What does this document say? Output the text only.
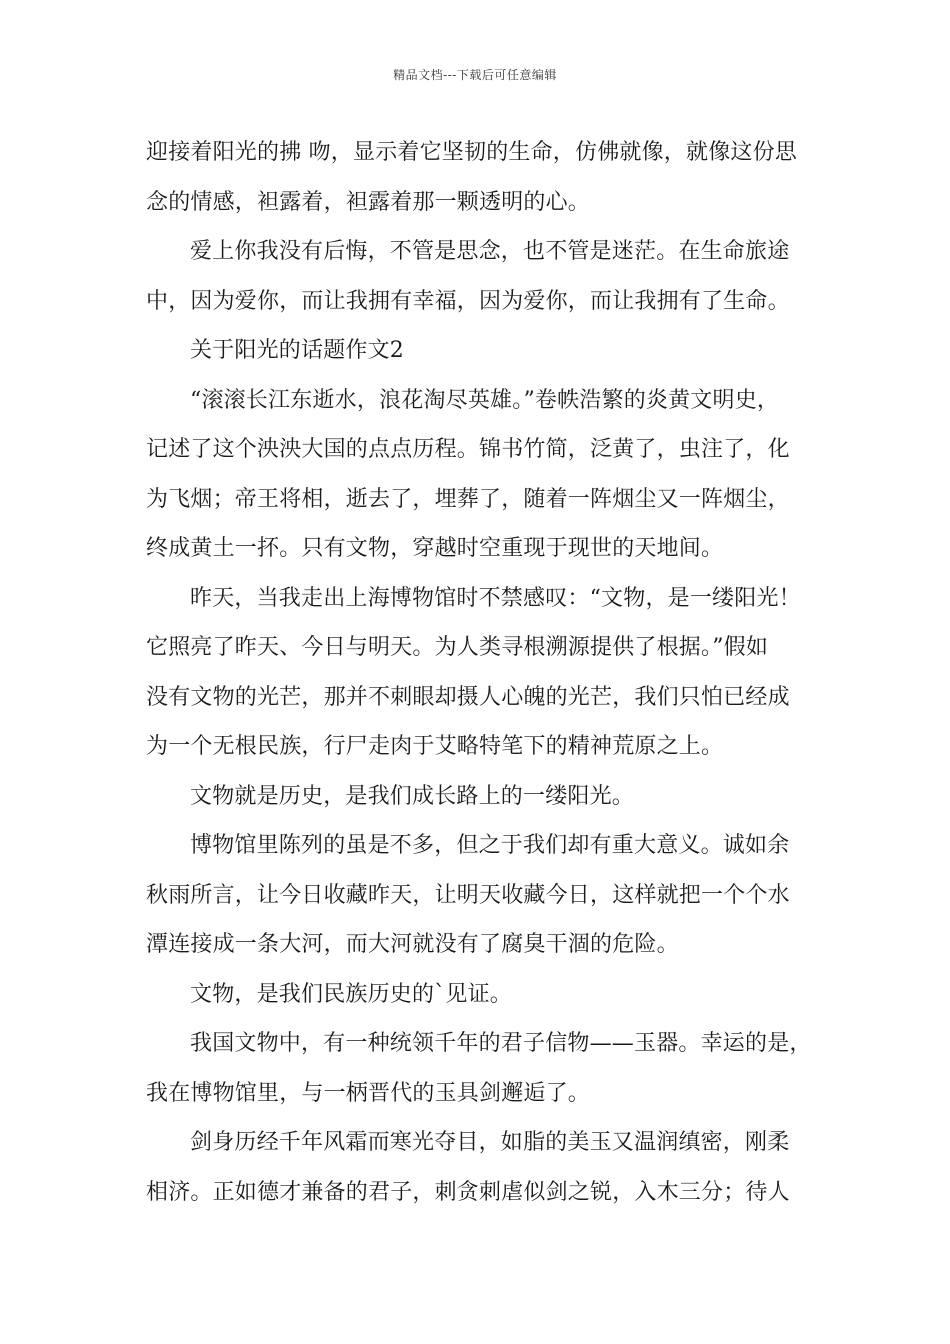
精品文档---下载后可任意编辑
迎接着阳光的拂 吻，显示着它坚韧的生命，仿佛就像，就像这份思
念的情感，袒露着，袒露着那一颗透明的心。
爱上你我没有后悔，不管是思念，也不管是迷茫。在生命旅途
中，因为爱你，而让我拥有幸福，因为爱你，而让我拥有了生命。
关于阳光的话题作文2
“滚滚长江东逝水，浪花淘尽英雄。”卷帙浩繁的炎黄文明史，
记述了这个泱泱大国的点点历程。锦书竹简，泛黄了，虫注了，化
为飞烟；帝王将相，逝去了，埋葬了，随着一阵烟尘又一阵烟尘，
终成黄土一抔。只有文物，穿越时空重现于现世的天地间。
昨天，当我走出上海博物馆时不禁感叹：“文物，是一缕阳光！
它照亮了昨天、今日与明天。为人类寻根溯源提供了根据。”假如
没有文物的光芒，那并不刺眼却摄人心魄的光芒，我们只怕已经成
为一个无根民族，行尸走肉于艾略特笔下的精神荒原之上。
文物就是历史，是我们成长路上的一缕阳光。
博物馆里陈列的虽是不多，但之于我们却有重大意义。诚如余
秋雨所言，让今日收藏昨天，让明天收藏今日，这样就把一个个水
潭连接成一条大河，而大河就没有了腐臭干涸的危险。
文物，是我们民族历史的`见证。
我国文物中，有一种统领千年的君子信物——玉器。幸运的是，
我在博物馆里，与一柄晋代的玉具剑邂逅了。
剑身历经千年风霜而寒光夺目，如脂的美玉又温润缜密，刚柔
相济。正如德才兼备的君子，刺贪刺虐似剑之锐，入木三分；待人
